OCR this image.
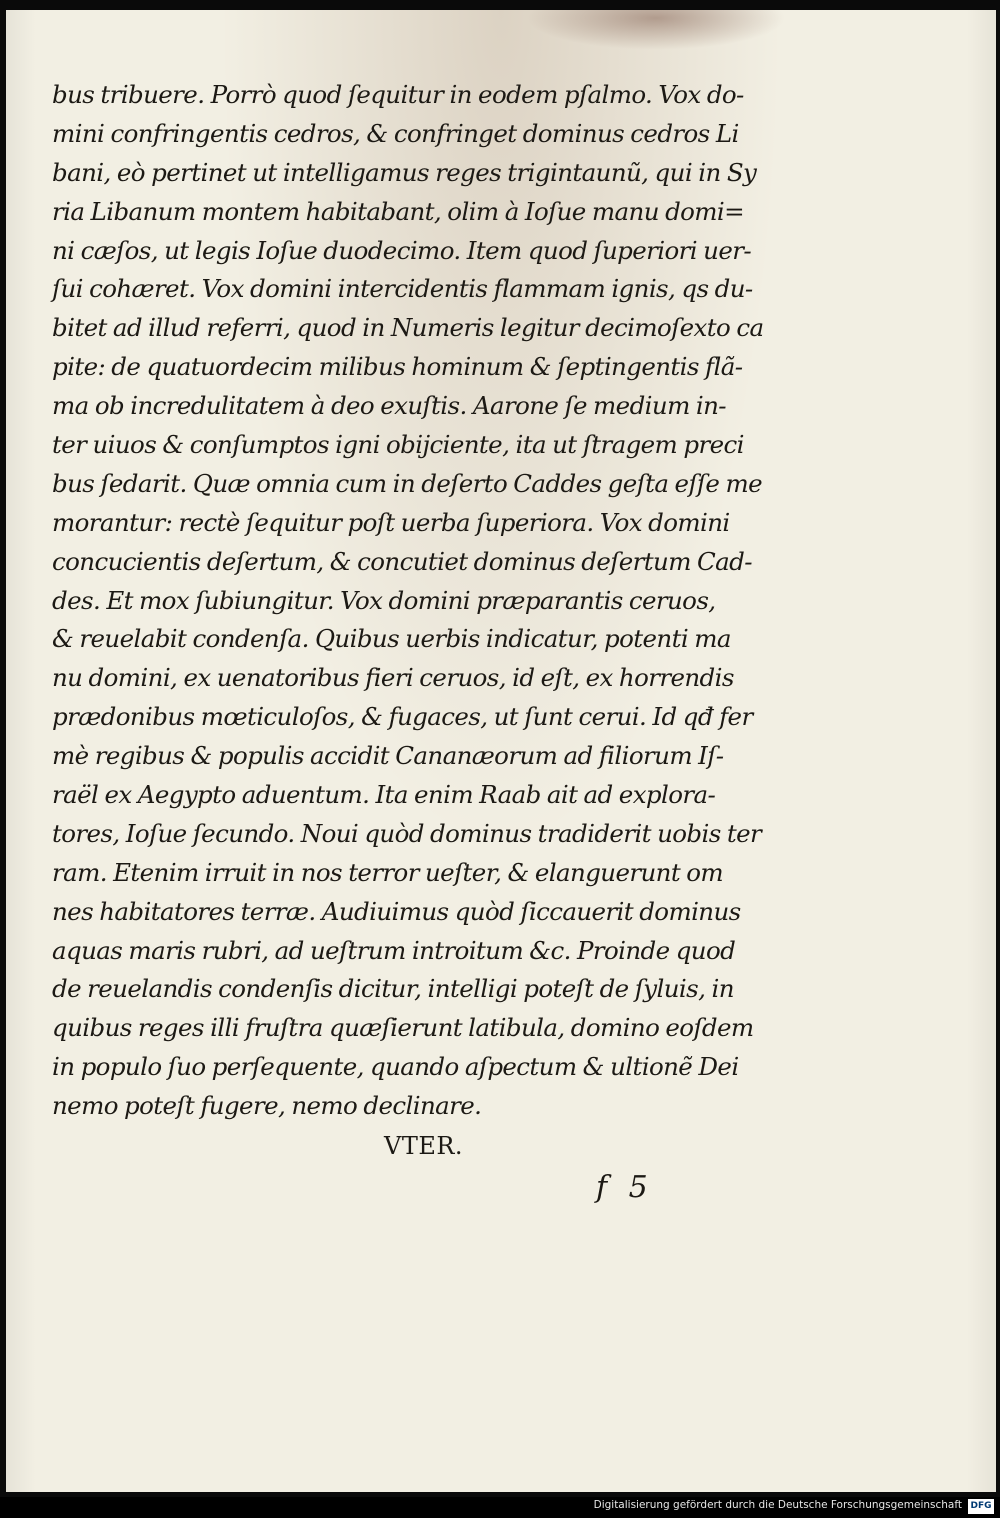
bus tribuere. Porrò quod ſequitur in eodem pſalmo. Vox do-
mini confringentis cedros, & confringet dominus cedros Li
bani, eò pertinet ut intelligamus reges trigintaunũ, qui in Sy
ria Libanum montem habitabant, olim à Ioſue manu domi=
ni cæſos, ut legis Ioſue duodecimo. Item quod ſuperiori uer-
ſui cohæret. Vox domini intercidentis flammam ignis, qs du-
bitet ad illud referri, quod in Numeris legitur decimoſexto ca
pite: de quatuordecim milibus hominum & ſeptingentis flã-
ma ob incredulitatem à deo exuſtis. Aarone ſe medium in-
ter uiuos & conſumptos igni obijciente, ita ut ſtragem preci
bus ſedarit. Quæ omnia cum in deſerto Caddes geſta eſſe me
morantur: rectè ſequitur poſt uerba ſuperiora. Vox domini
concucientis deſertum, & concutiet dominus deſertum Cad-
des. Et mox ſubiungitur. Vox domini præparantis ceruos,
& reuelabit condenſa. Quibus uerbis indicatur, potenti ma
nu domini, ex uenatoribus fieri ceruos, id eſt, ex horrendis
prædonibus mœticuloſos, & fugaces, ut ſunt cerui. Id qđ fer
mè regibus & populis accidit Cananæorum ad filiorum Iſ-
raël ex Aegypto aduentum. Ita enim Raab ait ad explora-
tores, Ioſue ſecundo. Noui quòd dominus tradiderit uobis ter
ram. Etenim irruit in nos terror ueſter, & elanguerunt om
nes habitatores terræ. Audiuimus quòd ſiccauerit dominus
aquas maris rubri, ad ueſtrum introitum &c. Proinde quod
de reuelandis condenſis dicitur, intelligi poteſt de ſyluis, in
quibus reges illi fruſtra quæſierunt latibula, domino eoſdem
in populo ſuo perſequente, quando aſpectum & ultionẽ Dei
nemo poteſt fugere, nemo declinare.
VTER.
f 5
Digitalisierung gefördert durch die Deutsche Forschungsgemeinschaft DFG
